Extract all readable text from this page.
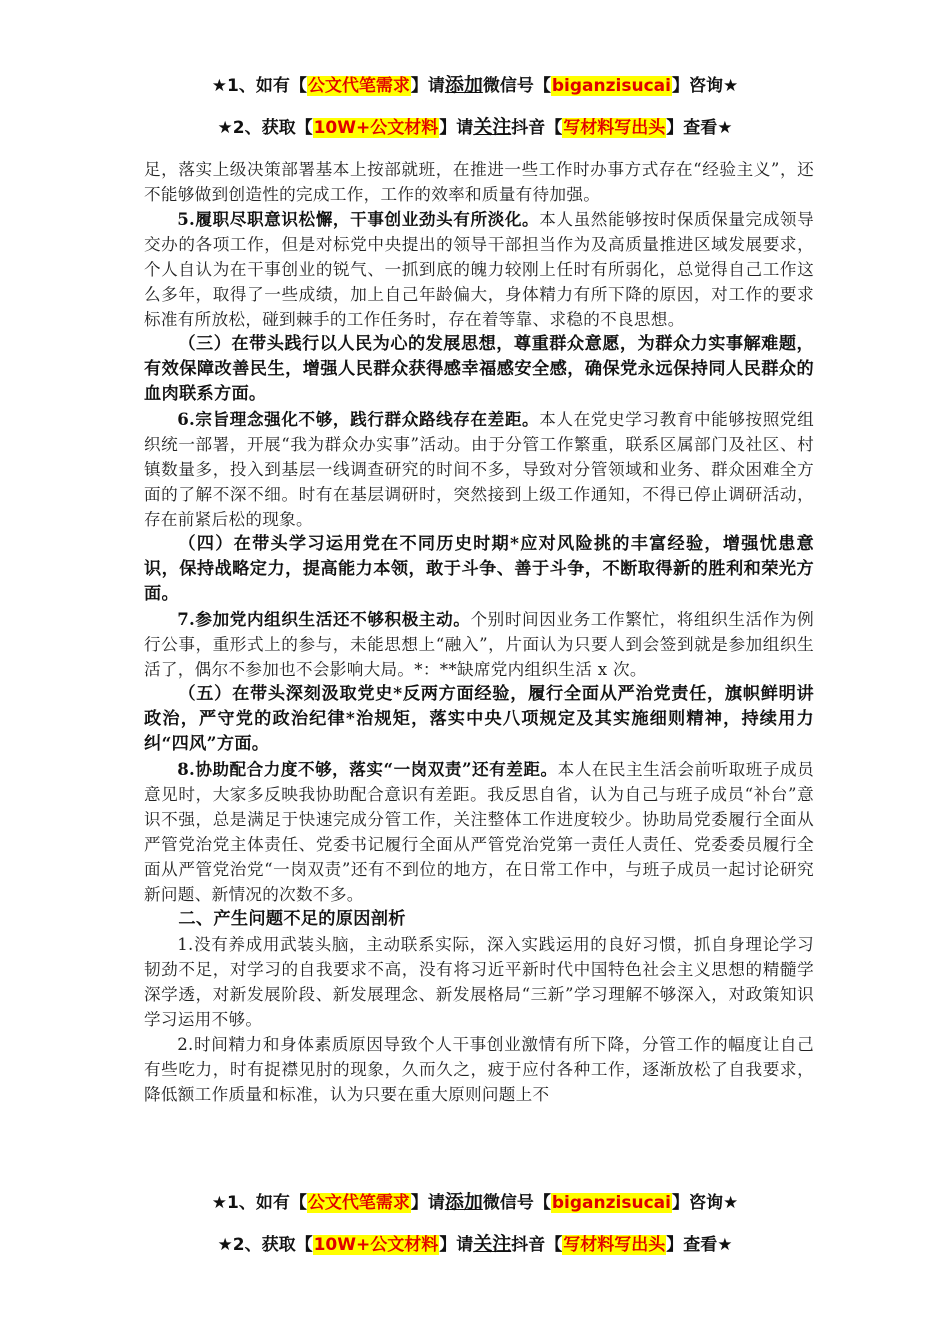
★1、如有【公文代笔需求】请添加微信号【biganzisucai】咨询★
★2、获取【10W+公文材料】请关注抖音【写材料写出头】查看★

足，落实上级决策部署基本上按部就班，在推进一些工作时办事方式存在“经验主义”，还不能够做到创造性的完成工作，工作的效率和质量有待加强。

5.履职尽职意识松懈，干事创业劲头有所淡化。本人虽然能够按时保质保量完成领导交办的各项工作，但是对标党中央提出的领导干部担当作为及高质量推进区域发展要求，个人自认为在干事创业的锐气、一抓到底的魄力较刚上任时有所弱化，总觉得自己工作这么多年，取得了一些成绩，加上自己年龄偏大，身体精力有所下降的原因，对工作的要求标准有所放松，碰到棘手的工作任务时，存在着等靠、求稳的不良思想。

（三）在带头践行以人民为心的发展思想，尊重群众意愿，为群众力实事解难题，有效保障改善民生，增强人民群众获得感幸福感安全感，确保党永远保持同人民群众的血肉联系方面。

6.宗旨理念强化不够，践行群众路线存在差距。本人在党史学习教育中能够按照党组织统一部署，开展“我为群众办实事”活动。由于分管工作繁重，联系区属部门及社区、村镇数量多，投入到基层一线调查研究的时间不多，导致对分管领域和业务、群众困难全方面的了解不深不细。时有在基层调研时，突然接到上级工作通知，不得已停止调研活动，存在前紧后松的现象。

（四）在带头学习运用党在不同历史时期*应对风险挑的丰富经验，增强忧患意识，保持战略定力，提高能力本领，敢于斗争、善于斗争，不断取得新的胜利和荣光方面。

7.参加党内组织生活还不够积极主动。个别时间因业务工作繁忙，将组织生活作为例行公事，重形式上的参与，未能思想上“融入”，片面认为只要人到会签到就是参加组织生活了，偶尔不参加也不会影响大局。*：**缺席党内组织生活 x 次。

（五）在带头深刻汲取党史*反两方面经验，履行全面从严治党责任，旗帜鲜明讲政治，严守党的政治纪律*治规矩，落实中央八项规定及其实施细则精神，持续用力纠“四风”方面。

8.协助配合力度不够，落实“一岗双责”还有差距。本人在民主生活会前听取班子成员意见时，大家多反映我协助配合意识有差距。我反思自省，认为自己与班子成员“补台”意识不强，总是满足于快速完成分管工作，关注整体工作进度较少。协助局党委履行全面从严管党治党主体责任、党委书记履行全面从严管党治党第一责任人责任、党委委员履行全面从严管党治党“一岗双责”还有不到位的地方，在日常工作中，与班子成员一起讨论研究新问题、新情况的次数不多。

二、产生问题不足的原因剖析

1.没有养成用武装头脑，主动联系实际，深入实践运用的良好习惯，抓自身理论学习韧劲不足，对学习的自我要求不高，没有将习近平新时代中国特色社会主义思想的精髓学深学透，对新发展阶段、新发展理念、新发展格局“三新”学习理解不够深入，对政策知识学习运用不够。

2.时间精力和身体素质原因导致个人干事创业激情有所下降，分管工作的幅度让自己有些吃力，时有捉襟见肘的现象，久而久之，疲于应付各种工作，逐渐放松了自我要求，降低额工作质量和标准，认为只要在重大原则问题上不

★1、如有【公文代笔需求】请添加微信号【biganzisucai】咨询★
★2、获取【10W+公文材料】请关注抖音【写材料写出头】查看★
